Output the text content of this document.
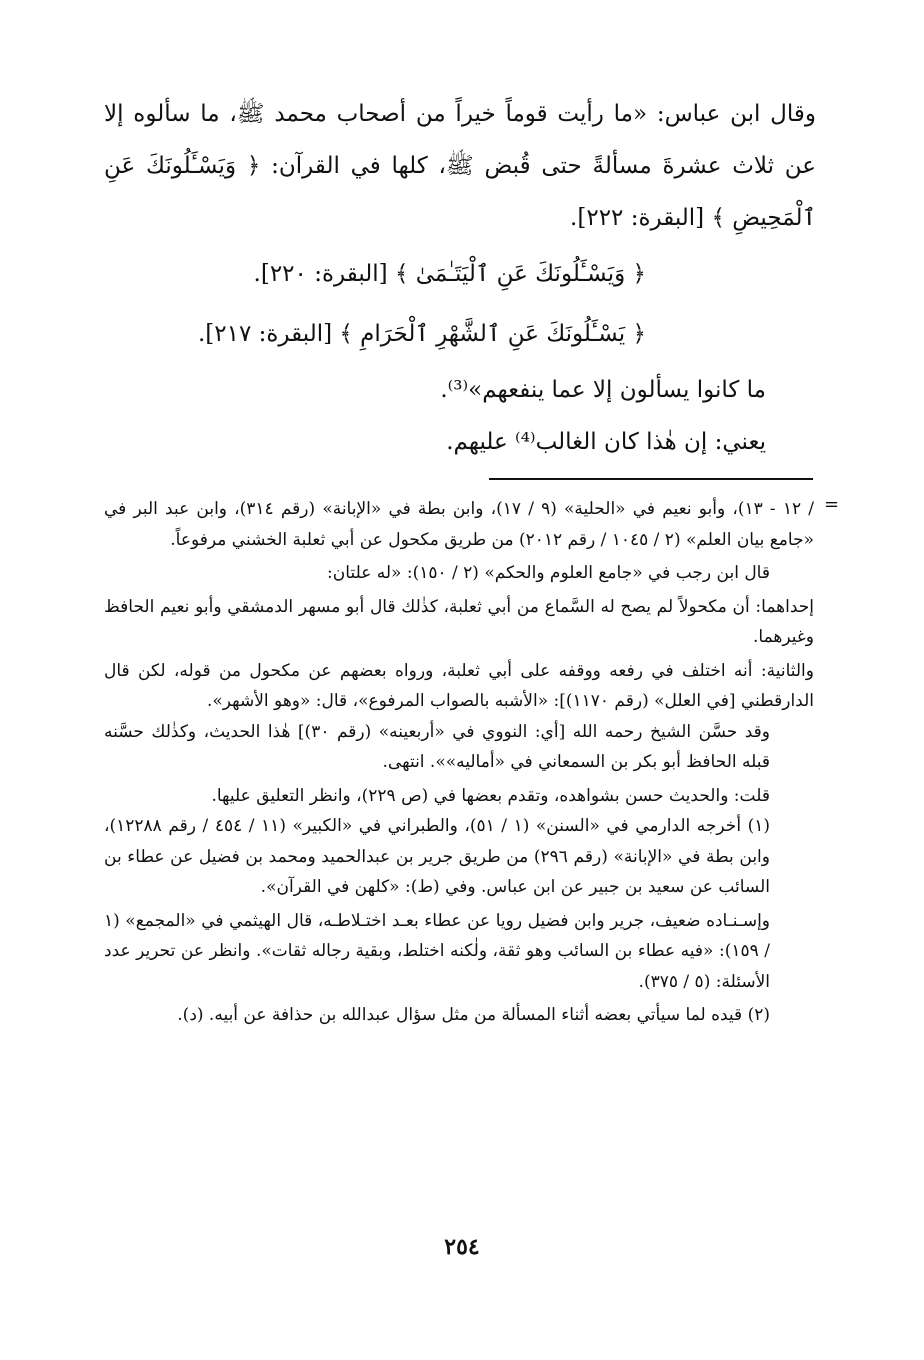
وقال ابن عباس: «ما رأيت قوماً خيراً من أصحاب محمد ﷺ، ما سألوه إلا عن ثلاث عشرةَ مسألةً حتى قُبض ﷺ، كلها في القرآن: ﴿ وَيَسْـَٔلُونَكَ عَنِ ٱلْمَحِيضِ ﴾ [البقرة: ٢٢٢].

﴿ وَيَسْـَٔلُونَكَ عَنِ ٱلْيَتَـٰمَىٰ ﴾ [البقرة: ٢٢٠].

﴿ يَسْـَٔلُونَكَ عَنِ ٱلشَّهْرِ ٱلْحَرَامِ ﴾ [البقرة: ٢١٧].

ما كانوا يسألون إلا عما ينفعهم»⁽³⁾.

يعني: إن هٰذا كان الغالب⁽⁴⁾ عليهم.

=

/ ١٢ - ١٣)، وأبو نعيم في «الحلية» (٩ / ١٧)، وابن بطة في «الإبانة» (رقم ٣١٤)، وابن عبد البر في «جامع بيان العلم» (٢ / ١٠٤٥ / رقم ٢٠١٢) من طريق مكحول عن أبي ثعلبة الخشني مرفوعاً.

قال ابن رجب في «جامع العلوم والحكم» (٢ / ١٥٠): «له علتان:

إحداهما: أن مكحولاً لم يصح له السَّماع من أبي ثعلبة، كذٰلك قال أبو مسهر الدمشقي وأبو نعيم الحافظ وغيرهما.

والثانية: أنه اختلف في رفعه ووقفه على أبي ثعلبة، ورواه بعضهم عن مكحول من قوله، لكن قال الدارقطني [في العلل» (رقم ١١٧٠)]: «الأشبه بالصواب المرفوع»، قال: «وهو الأشهر».

وقد حسَّن الشيخ رحمه الله [أي: النووي في «أربعينه» (رقم ٣٠)] هٰذا الحديث، وكذٰلك حسَّنه قبله الحافظ أبو بكر بن السمعاني في «أماليه»». انتهى.

قلت: والحديث حسن بشواهده، وتقدم بعضها في (ص ٢٢٩)، وانظر التعليق عليها.

(١) أخرجه الدارمي في «السنن» (١ / ٥١)، والطبراني في «الكبير» (١١ / ٤٥٤ / رقم ١٢٢٨٨)، وابن بطة في «الإبانة» (رقم ٢٩٦) من طريق جرير بن عبدالحميد ومحمد بن فضيل عن عطاء بن السائب عن سعيد بن جبير عن ابن عباس. وفي (ط): «كلهن في القرآن».

وإسـنـاده ضعيف، جرير وابن فضيل رويا عن عطاء بعـد اختـلاطـه، قال الهيثمي في «المجمع» (١ / ١٥٩): «فيه عطاء بن السائب وهو ثقة، ولٰكنه اختلط، وبقية رجاله ثقات». وانظر عن تحرير عدد الأسئلة: (٥ / ٣٧٥).

(٢) قيده لما سيأتي بعضه أثناء المسألة من مثل سؤال عبدالله بن حذافة عن أبيه. (د).

٢٥٤
